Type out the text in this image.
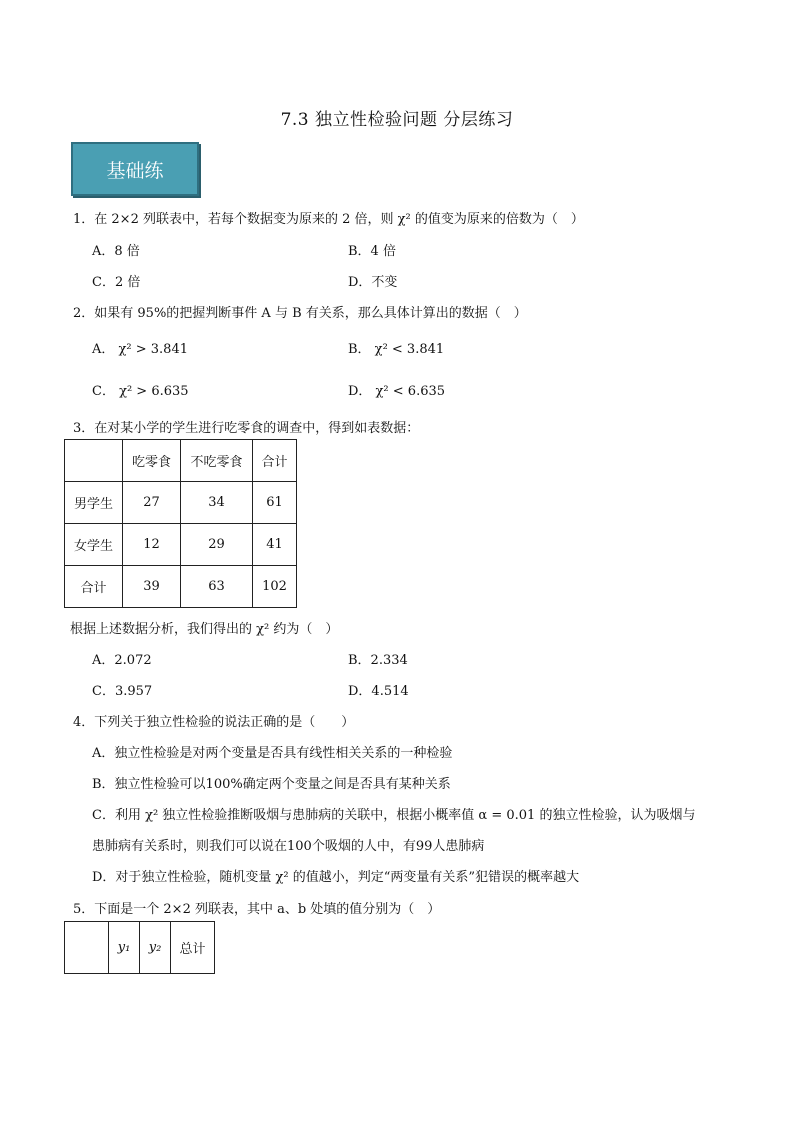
7.3 独立性检验问题 分层练习
基础练
1．在 2×2 列联表中，若每个数据变为原来的 2 倍，则 χ² 的值变为原来的倍数为（　）
A．8 倍	B．4 倍
C．2 倍	D．不变
2．如果有 95%的把握判断事件 A 与 B 有关系，那么具体计算出的数据（　）
A． χ² > 3.841	B． χ² < 3.841
C． χ² > 6.635	D． χ² < 6.635
3．在对某小学的学生进行吃零食的调查中，得到如表数据：
	吃零食	不吃零食	合计
男学生	27	34	61
女学生	12	29	41
合计	39	63	102
根据上述数据分析，我们得出的 χ² 约为（　）
A．2.072	B．2.334
C．3.957	D．4.514
4．下列关于独立性检验的说法正确的是（　　）
A．独立性检验是对两个变量是否具有线性相关关系的一种检验
B．独立性检验可以100%确定两个变量之间是否具有某种关系
C．利用 χ² 独立性检验推断吸烟与患肺病的关联中，根据小概率值 α = 0.01 的独立性检验，认为吸烟与
患肺病有关系时，则我们可以说在100个吸烟的人中，有99人患肺病
D．对于独立性检验，随机变量 χ² 的值越小，判定“两变量有关系”犯错误的概率越大
5．下面是一个 2×2 列联表，其中 a、b 处填的值分别为（　）
	y₁	y₂	总计
